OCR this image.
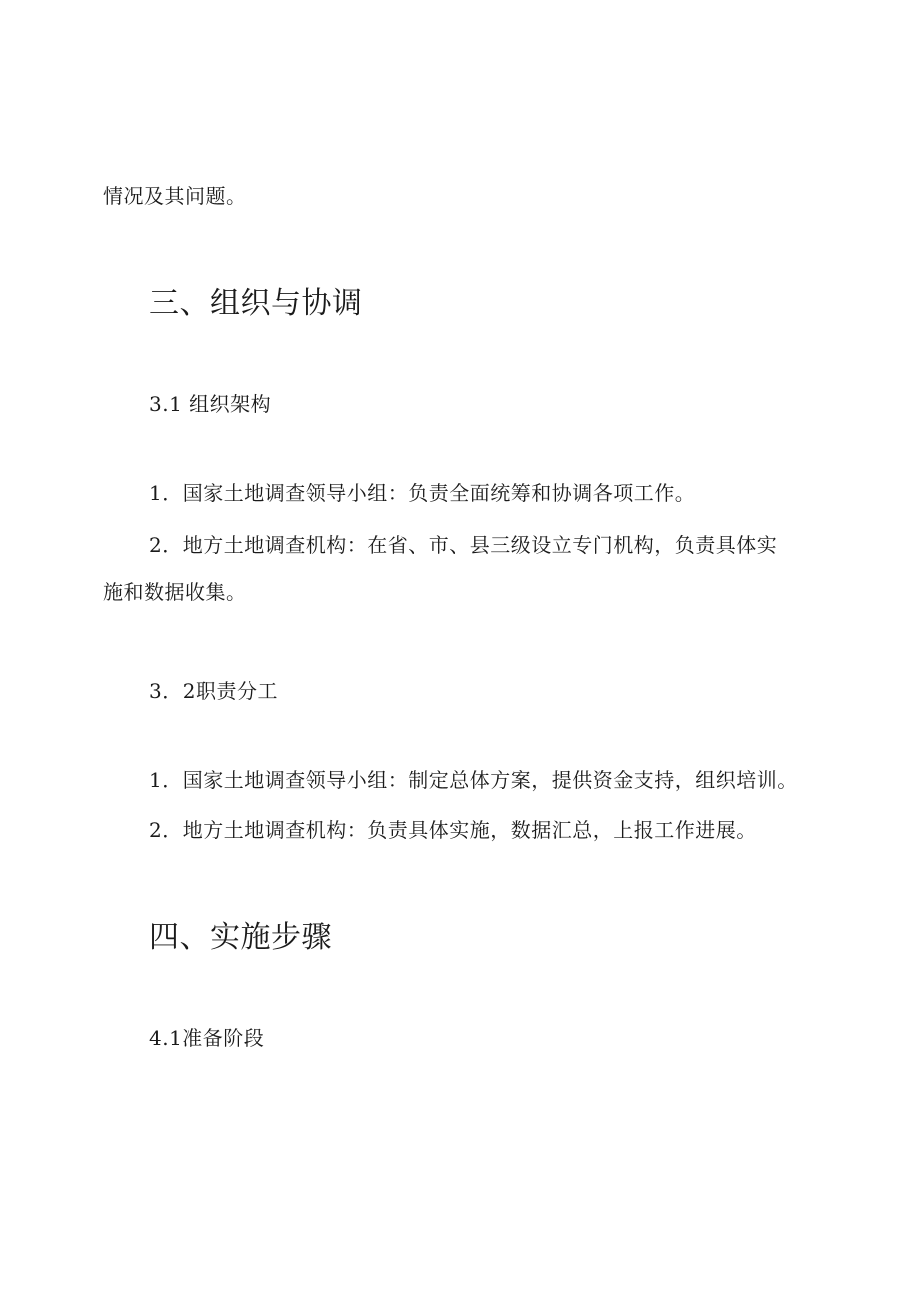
情况及其问题。
三、组织与协调
3.1 组织架构
1．国家土地调查领导小组：负责全面统筹和协调各项工作。
2．地方土地调查机构：在省、市、县三级设立专门机构，负责具体实
施和数据收集。
3．2职责分工
1．国家土地调查领导小组：制定总体方案，提供资金支持，组织培训。
2．地方土地调查机构：负责具体实施，数据汇总，上报工作进展。
四、实施步骤
4.1准备阶段
